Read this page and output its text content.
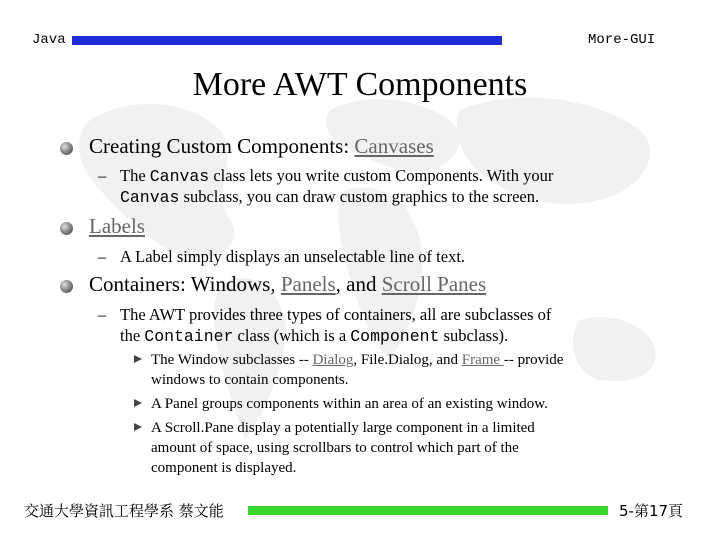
Java	More-GUI
More AWT Components
Creating Custom Components: Canvases
– The Canvas class lets you write custom Components. With your
Canvas subclass, you can draw custom graphics to the screen.
Labels
– A Label simply displays an unselectable line of text.
Containers: Windows, Panels, and Scroll Panes
– The AWT provides three types of containers, all are subclasses of
the Container class (which is a Component subclass).
The Window subclasses -- Dialog, File.Dialog, and Frame -- provide
windows to contain components.
A Panel groups components within an area of an existing window.
A Scroll.Pane display a potentially large component in a limited
amount of space, using scrollbars to control which part of the
component is displayed.
交通大學資訊工程學系 蔡文能	5-第17頁
